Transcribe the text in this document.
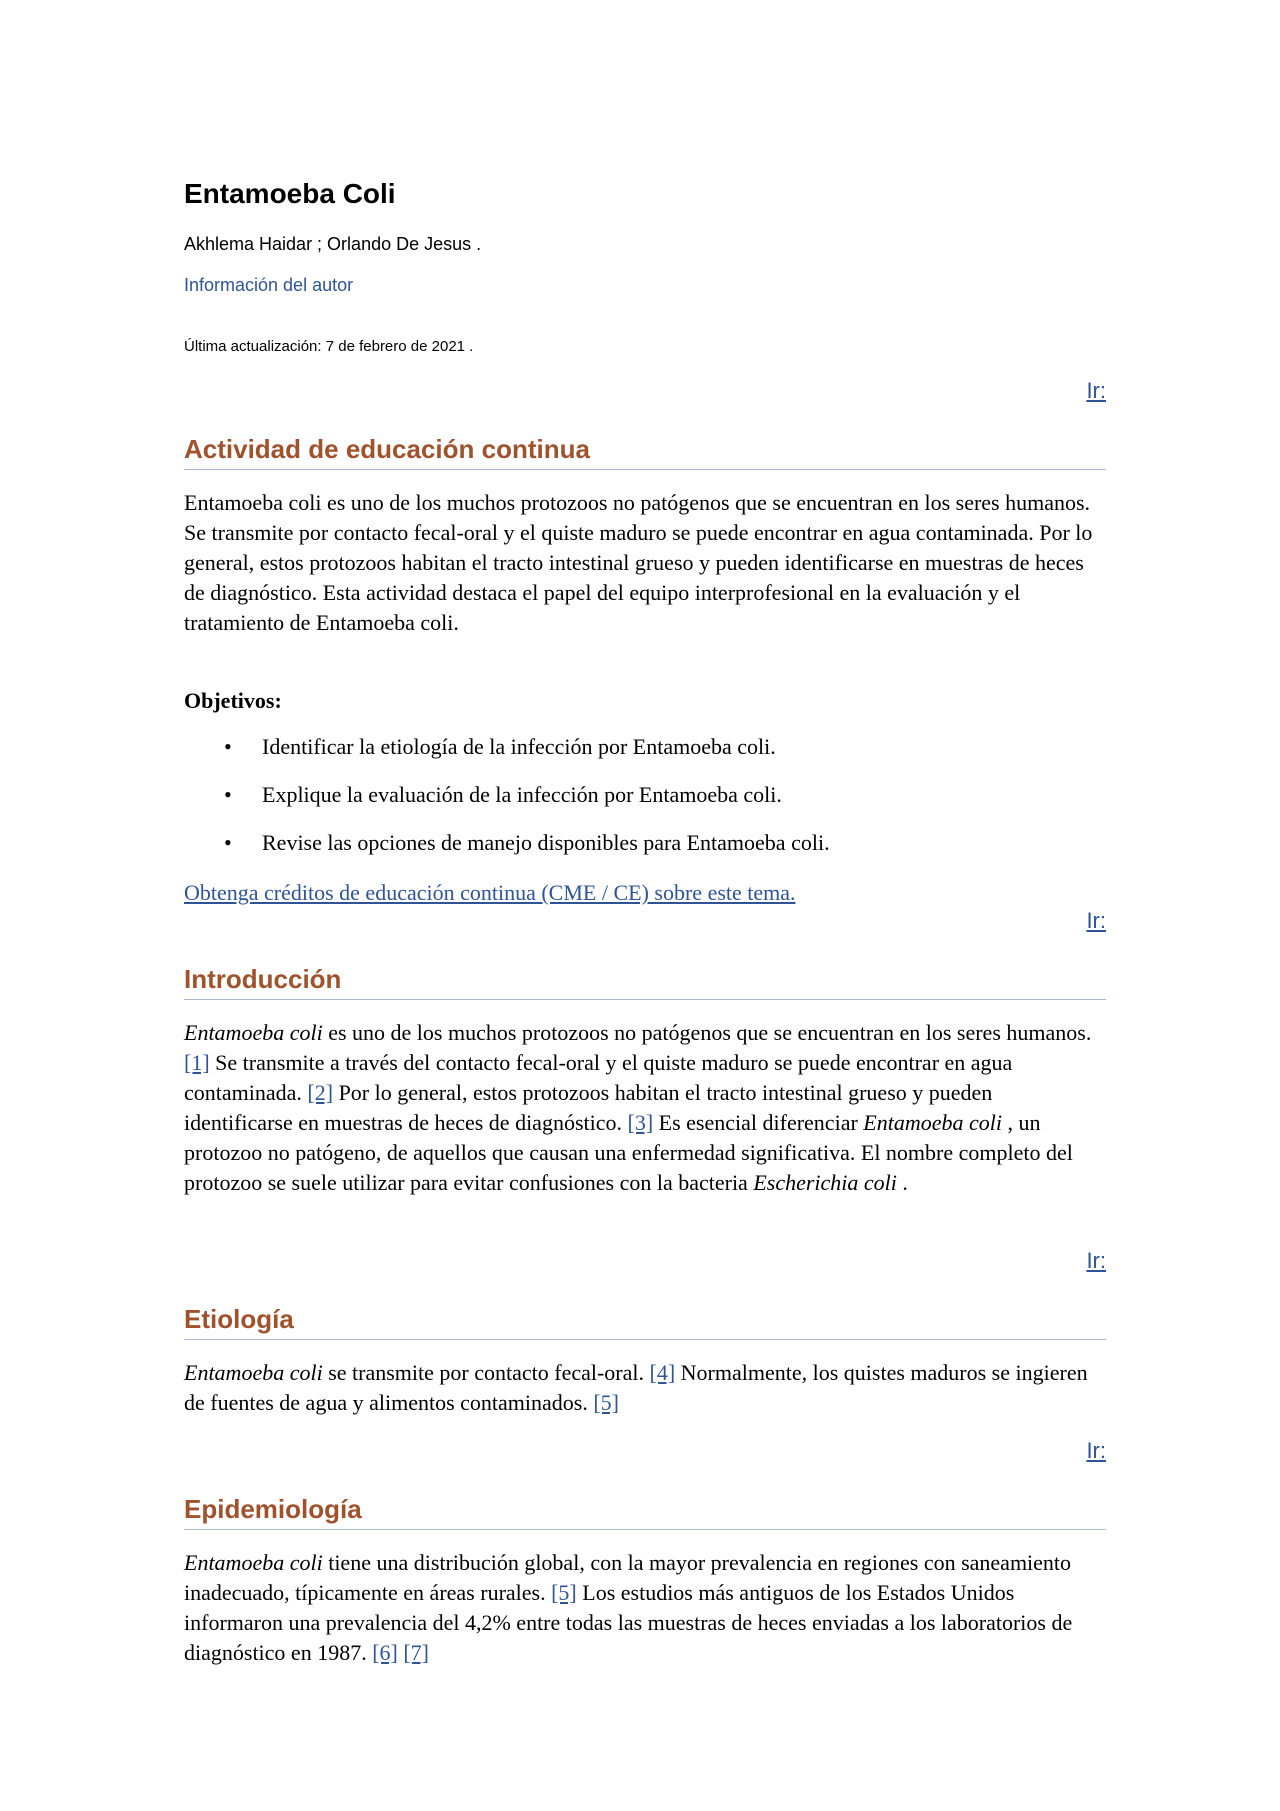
Entamoeba Coli
Akhlema Haidar ; Orlando De Jesus .
Información del autor
Última actualización: 7 de febrero de 2021 .
Ir:
Actividad de educación continua

Entamoeba coli es uno de los muchos protozoos no patógenos que se encuentran en los seres humanos. Se transmite por contacto fecal-oral y el quiste maduro se puede encontrar en agua contaminada. Por lo general, estos protozoos habitan el tracto intestinal grueso y pueden identificarse en muestras de heces de diagnóstico. Esta actividad destaca el papel del equipo interprofesional en la evaluación y el tratamiento de Entamoeba coli.

Objetivos:
• Identificar la etiología de la infección por Entamoeba coli.
• Explique la evaluación de la infección por Entamoeba coli.
• Revise las opciones de manejo disponibles para Entamoeba coli.
Obtenga créditos de educación continua (CME / CE) sobre este tema.
Ir:
Introducción

Entamoeba coli es uno de los muchos protozoos no patógenos que se encuentran en los seres humanos. [1] Se transmite a través del contacto fecal-oral y el quiste maduro se puede encontrar en agua contaminada. [2] Por lo general, estos protozoos habitan el tracto intestinal grueso y pueden identificarse en muestras de heces de diagnóstico. [3] Es esencial diferenciar Entamoeba coli , un protozoo no patógeno, de aquellos que causan una enfermedad significativa. El nombre completo del protozoo se suele utilizar para evitar confusiones con la bacteria Escherichia coli .

Ir:
Etiología

Entamoeba coli se transmite por contacto fecal-oral. [4] Normalmente, los quistes maduros se ingieren de fuentes de agua y alimentos contaminados. [5]

Ir:
Epidemiología

Entamoeba coli tiene una distribución global, con la mayor prevalencia en regiones con saneamiento inadecuado, típicamente en áreas rurales. [5] Los estudios más antiguos de los Estados Unidos informaron una prevalencia del 4,2% entre todas las muestras de heces enviadas a los laboratorios de diagnóstico en 1987. [6] [7]
